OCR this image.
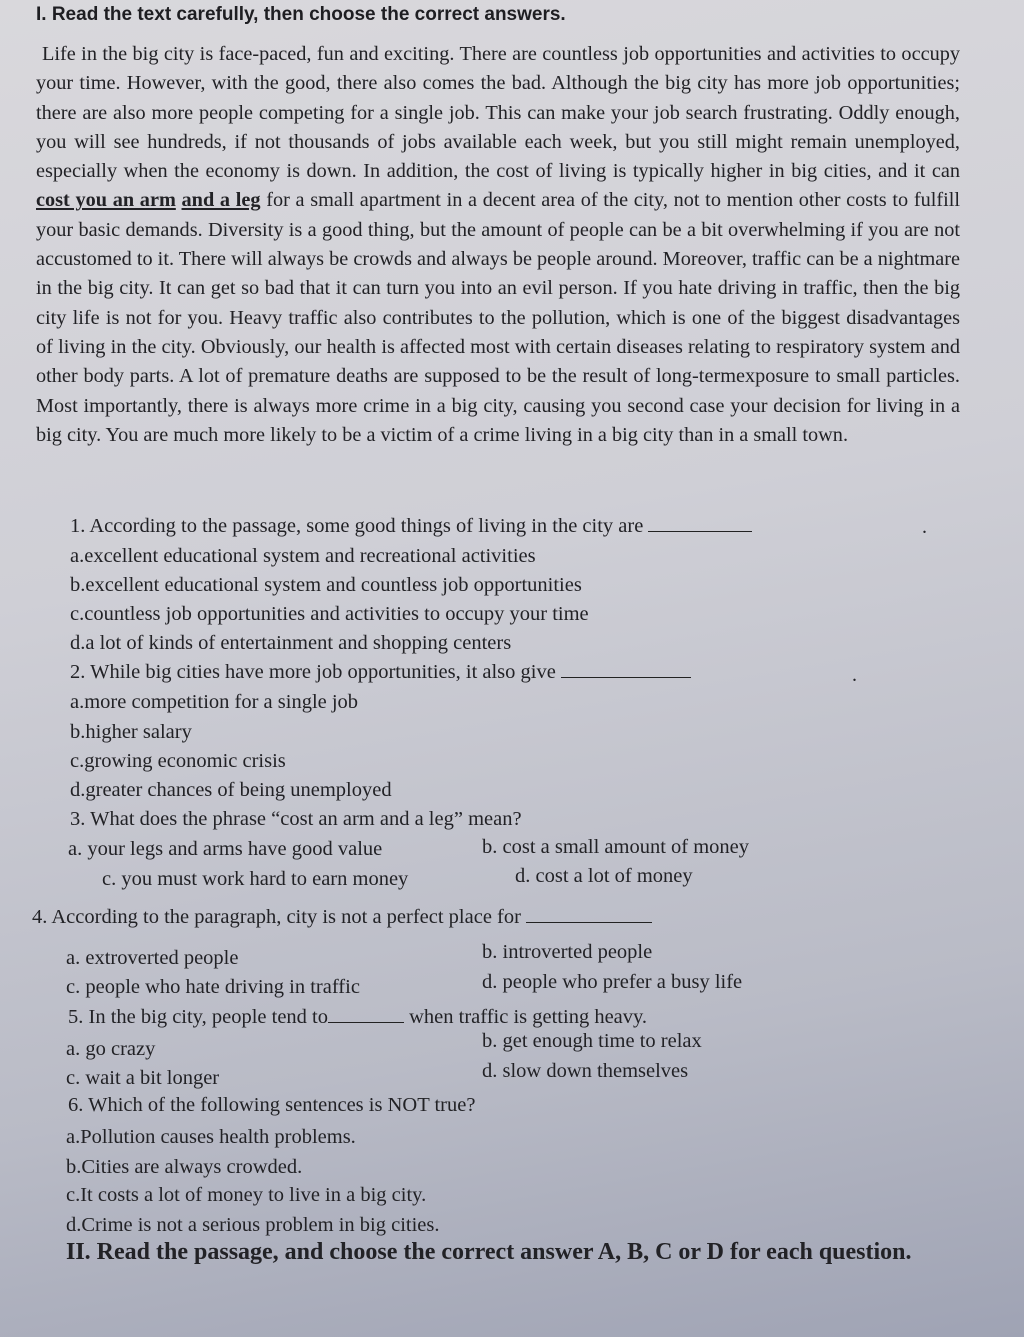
I. Read the text carefully, then choose the correct answers.
Life in the big city is face-paced, fun and exciting. There are countless job opportunities and activities to occupy your time. However, with the good, there also comes the bad. Although the big city has more job opportunities; there are also more people competing for a single job. This can make your job search frustrating. Oddly enough, you will see hundreds, if not thousands of jobs available each week, but you still might remain unemployed, especially when the economy is down. In addition, the cost of living is typically higher in big cities, and it can cost you an arm and a leg for a small apartment in a decent area of the city, not to mention other costs to fulfill your basic demands. Diversity is a good thing, but the amount of people can be a bit overwhelming if you are not accustomed to it. There will always be crowds and always be people around. Moreover, traffic can be a nightmare in the big city. It can get so bad that it can turn you into an evil person. If you hate driving in traffic, then the big city life is not for you. Heavy traffic also contributes to the pollution, which is one of the biggest disadvantages of living in the city. Obviously, our health is affected most with certain diseases relating to respiratory system and other body parts. A lot of premature deaths are supposed to be the result of long-termexposure to small particles. Most importantly, there is always more crime in a big city, causing you second case your decision for living in a big city. You are much more likely to be a victim of a crime living in a big city than in a small town.
1. According to the passage, some good things of living in the city are	.
a.excellent educational system and recreational activities
b.excellent educational system and countless job opportunities
c.countless job opportunities and activities to occupy your time
d.a lot of kinds of entertainment and shopping centers
2. While big cities have more job opportunities, it also give	.
a.more competition for a single job
b.higher salary
c.growing economic crisis
d.greater chances of being unemployed
3. What does the phrase “cost an arm and a leg” mean?
a. your legs and arms have good value	b. cost a small amount of money
c. you must work hard to earn money	d. cost a lot of money
4. According to the paragraph, city is not a perfect place for
a. extroverted people	b. introverted people
c. people who hate driving in traffic	d. people who prefer a busy life
5. In the big city, people tend to	when traffic is getting heavy.
a. go crazy	b. get enough time to relax
c. wait a bit longer	d. slow down themselves
6. Which of the following sentences is NOT true?
a.Pollution causes health problems.
b.Cities are always crowded.
c.It costs a lot of money to live in a big city.
d.Crime is not a serious problem in big cities.
II. Read the passage, and choose the correct answer A, B, C or D for each question.
